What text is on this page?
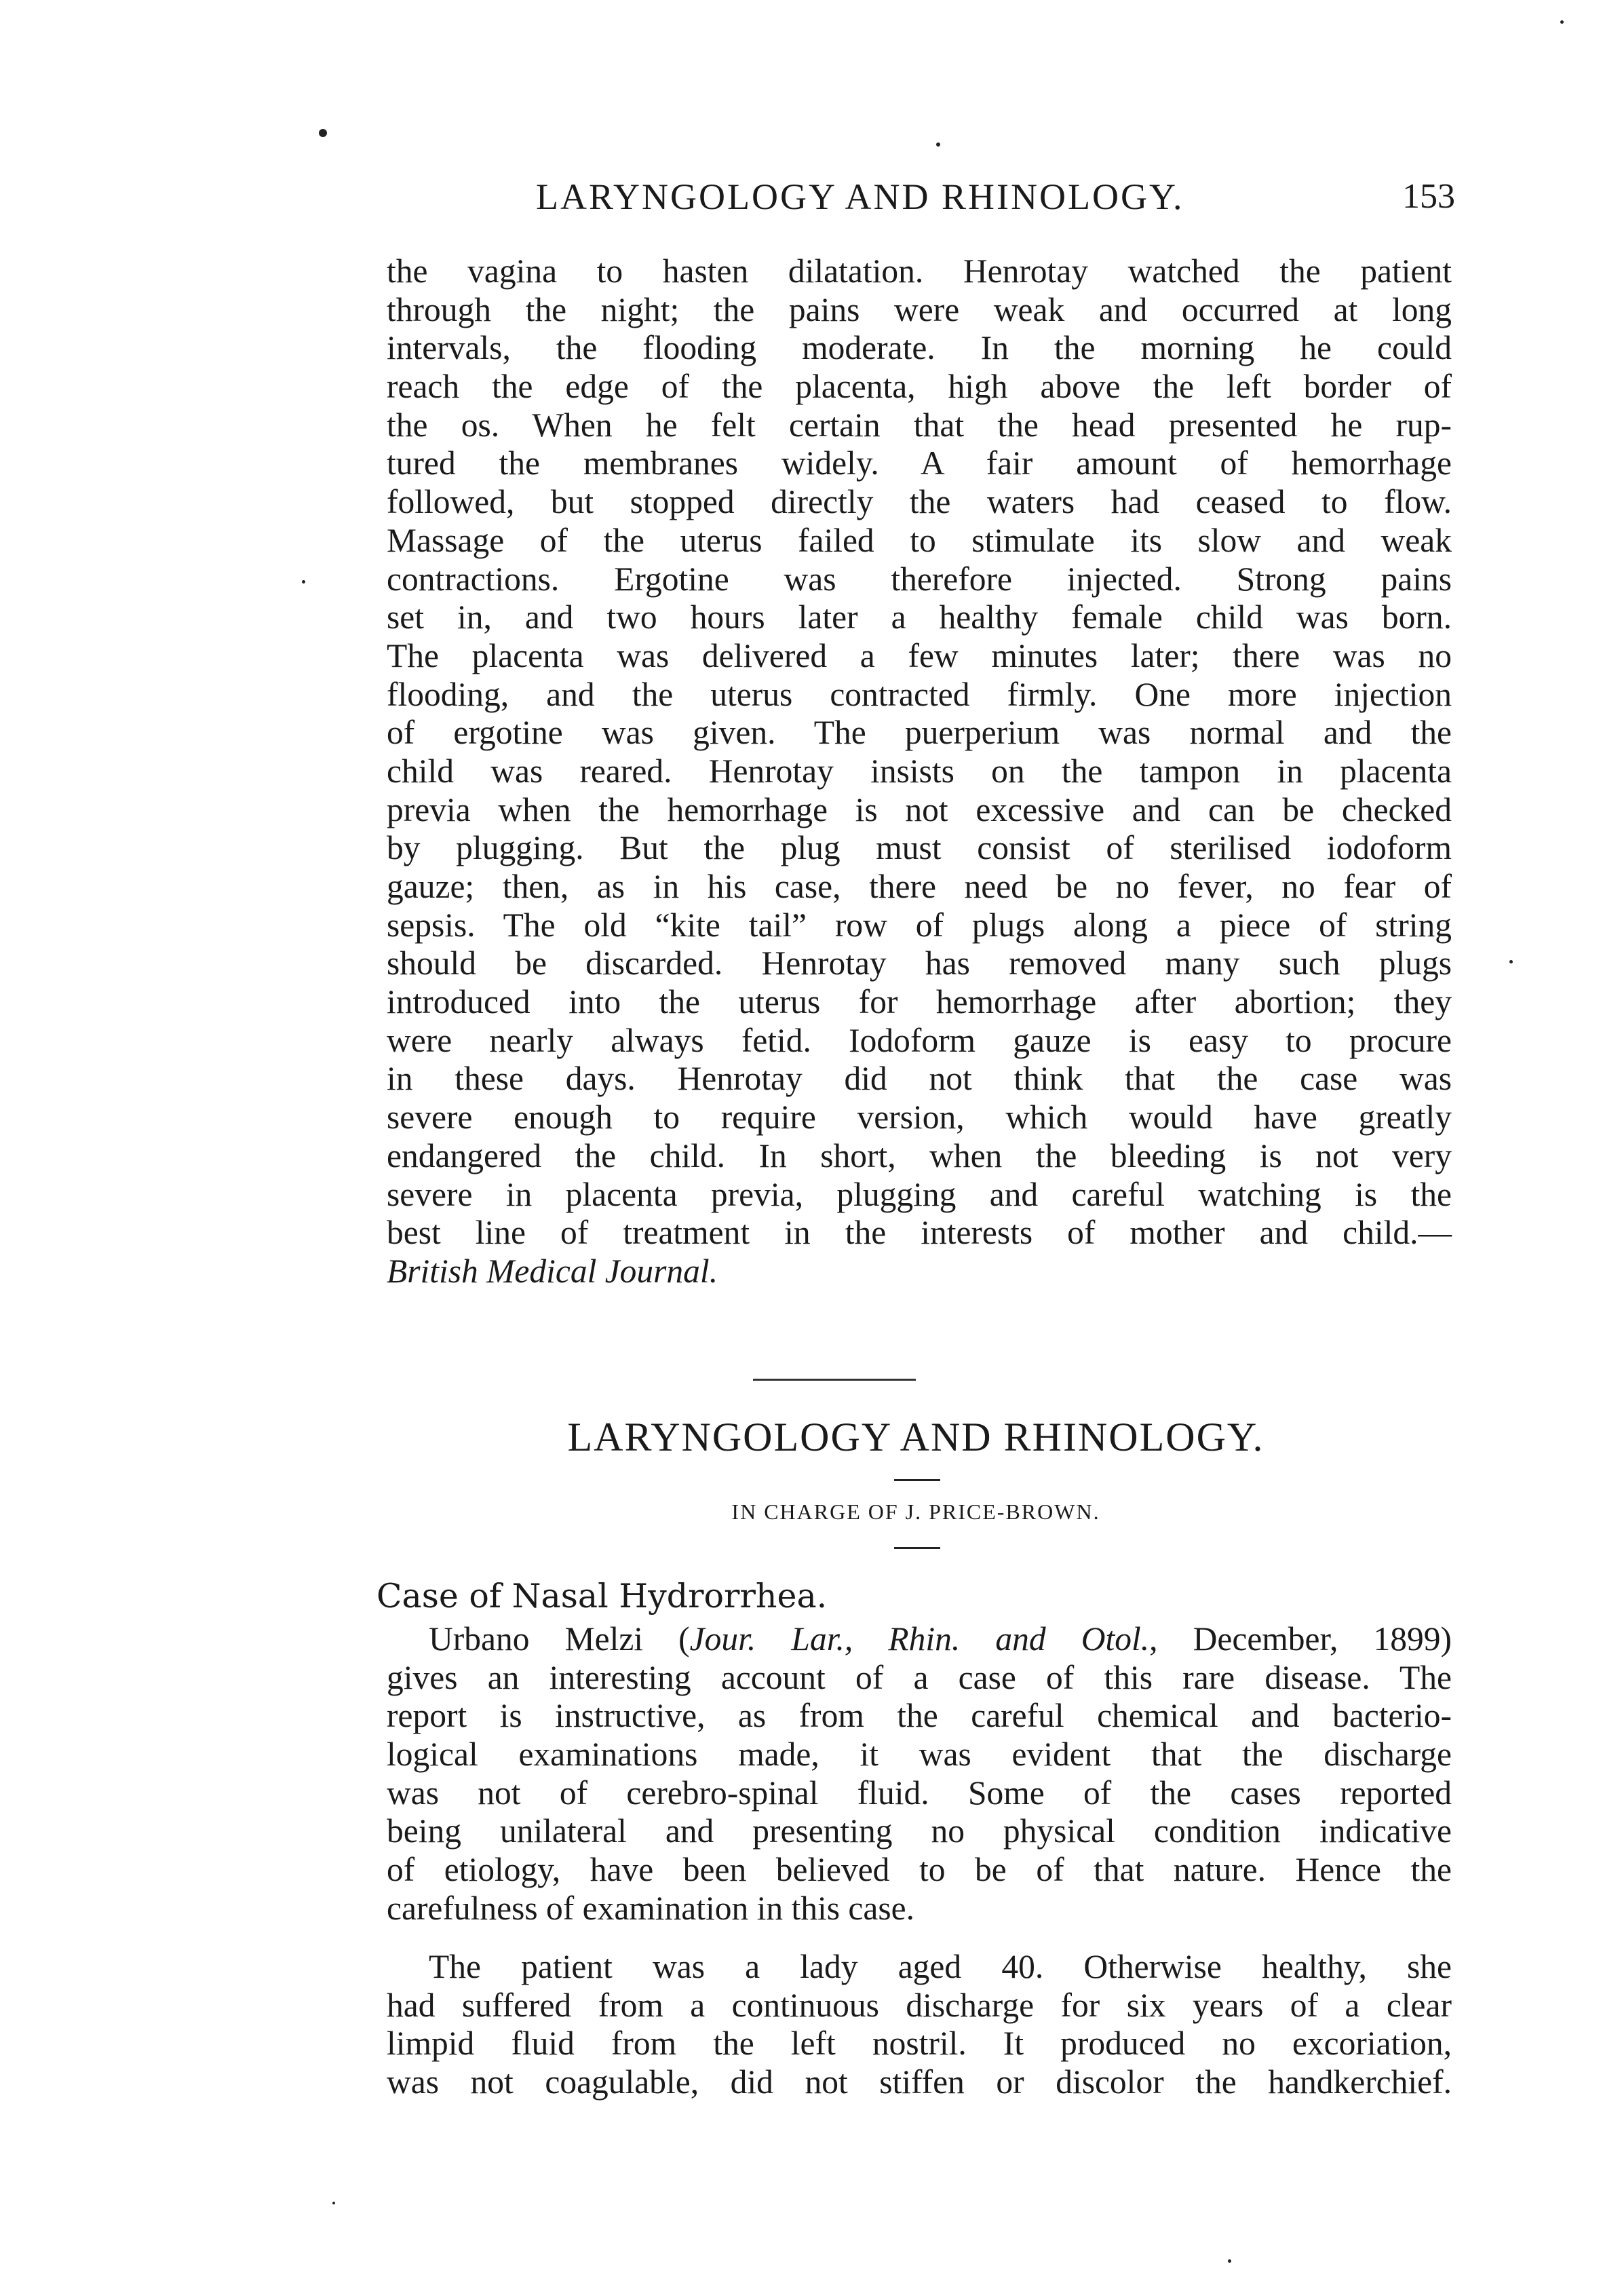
LARYNGOLOGY AND RHINOLOGY.	153
the vagina to hasten dilatation. Henrotay watched the patient
through the night; the pains were weak and occurred at long
intervals, the flooding moderate. In the morning he could
reach the edge of the placenta, high above the left border of
the os. When he felt certain that the head presented he rup-
tured the membranes widely. A fair amount of hemorrhage
followed, but stopped directly the waters had ceased to flow.
Massage of the uterus failed to stimulate its slow and weak
contractions. Ergotine was therefore injected. Strong pains
set in, and two hours later a healthy female child was born.
The placenta was delivered a few minutes later; there was no
flooding, and the uterus contracted firmly. One more injection
of ergotine was given. The puerperium was normal and the
child was reared. Henrotay insists on the tampon in placenta
previa when the hemorrhage is not excessive and can be checked
by plugging. But the plug must consist of sterilised iodoform
gauze; then, as in his case, there need be no fever, no fear of
sepsis. The old “kite tail” row of plugs along a piece of string
should be discarded. Henrotay has removed many such plugs
introduced into the uterus for hemorrhage after abortion; they
were nearly always fetid. Iodoform gauze is easy to procure
in these days. Henrotay did not think that the case was
severe enough to require version, which would have greatly
endangered the child. In short, when the bleeding is not very
severe in placenta previa, plugging and careful watching is the
best line of treatment in the interests of mother and child.—
British Medical Journal.
LARYNGOLOGY AND RHINOLOGY.
IN CHARGE OF J. PRICE-BROWN.
Case of Nasal Hydrorrhea.
Urbano Melzi (Jour. Lar., Rhin. and Otol., December, 1899)
gives an interesting account of a case of this rare disease. The
report is instructive, as from the careful chemical and bacterio-
logical examinations made, it was evident that the discharge
was not of cerebro-spinal fluid. Some of the cases reported
being unilateral and presenting no physical condition indicative
of etiology, have been believed to be of that nature. Hence the
carefulness of examination in this case.
The patient was a lady aged 40. Otherwise healthy, she
had suffered from a continuous discharge for six years of a clear
limpid fluid from the left nostril. It produced no excoriation,
was not coagulable, did not stiffen or discolor the handkerchief.
